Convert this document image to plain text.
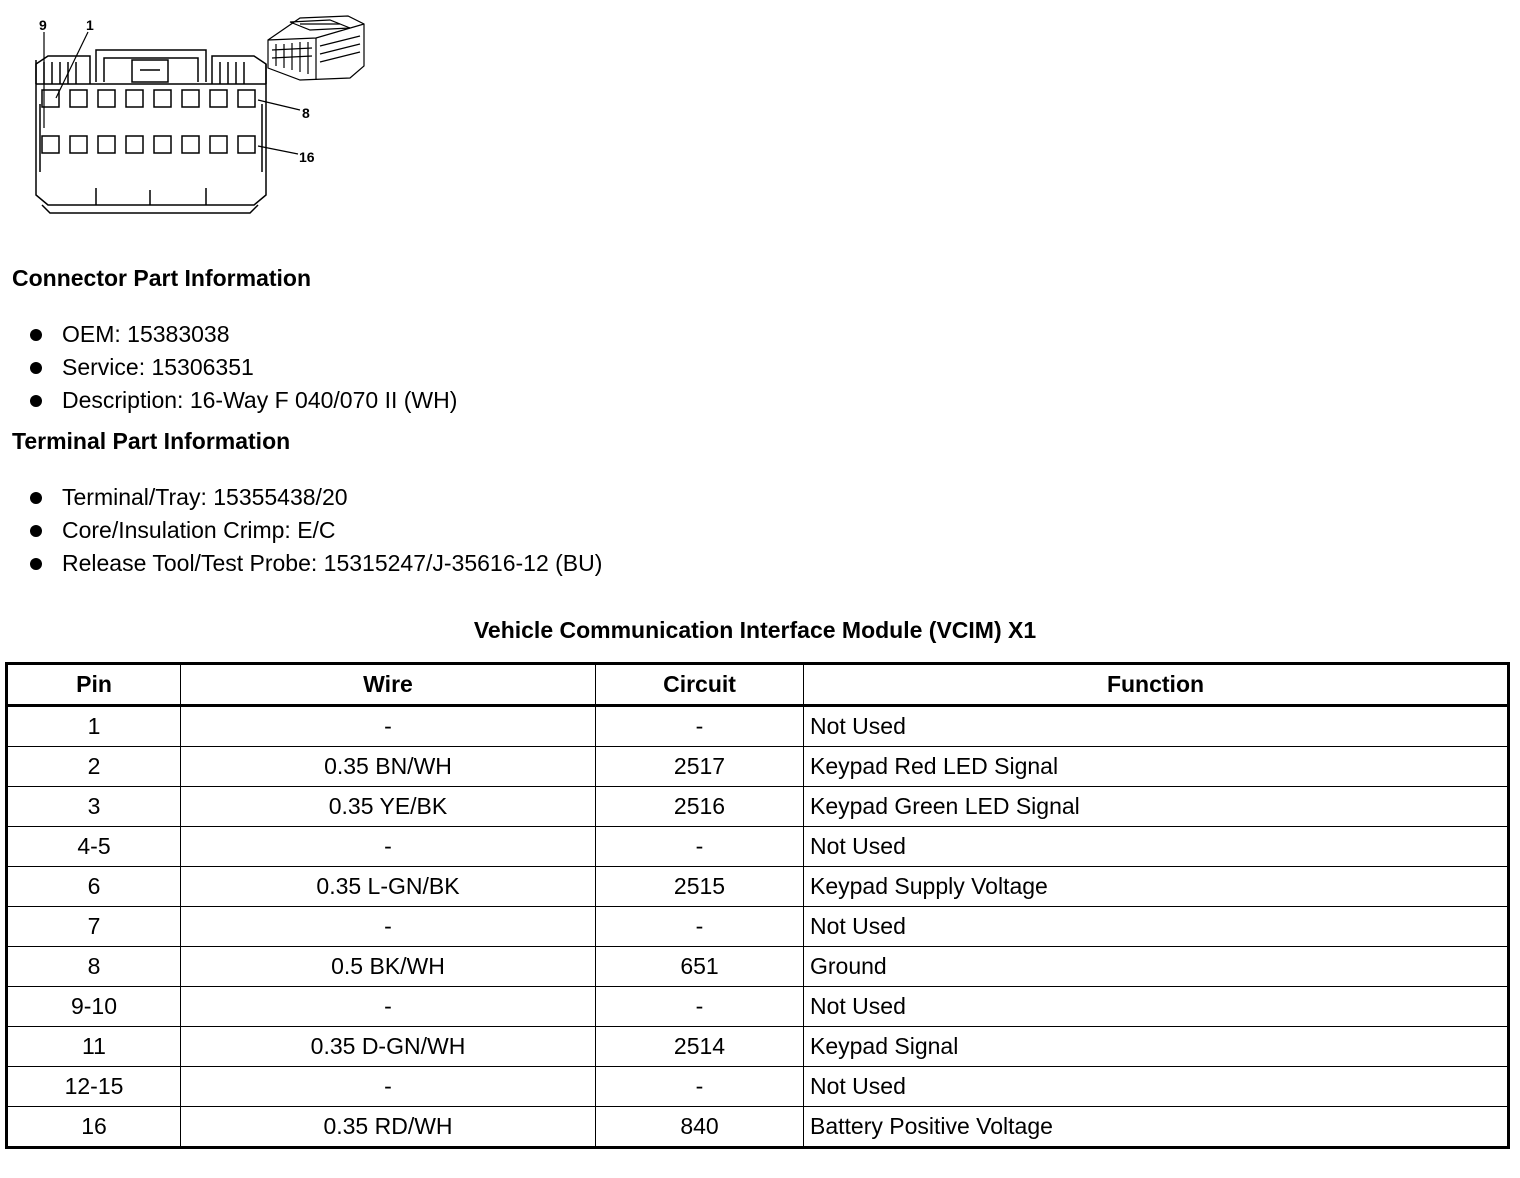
9	1
8
16
Connector Part Information
OEM: 15383038
Service: 15306351
Description: 16-Way F 040/070 II (WH)
Terminal Part Information
Terminal/Tray: 15355438/20
Core/Insulation Crimp: E/C
Release Tool/Test Probe: 15315247/J-35616-12 (BU)
Vehicle Communication Interface Module (VCIM) X1
Pin	Wire	Circuit	Function
1	-	-	Not Used
2	0.35 BN/WH	2517	Keypad Red LED Signal
3	0.35 YE/BK	2516	Keypad Green LED Signal
4-5	-	-	Not Used
6	0.35 L-GN/BK	2515	Keypad Supply Voltage
7	-	-	Not Used
8	0.5 BK/WH	651	Ground
9-10	-	-	Not Used
11	0.35 D-GN/WH	2514	Keypad Signal
12-15	-	-	Not Used
16	0.35 RD/WH	840	Battery Positive Voltage
